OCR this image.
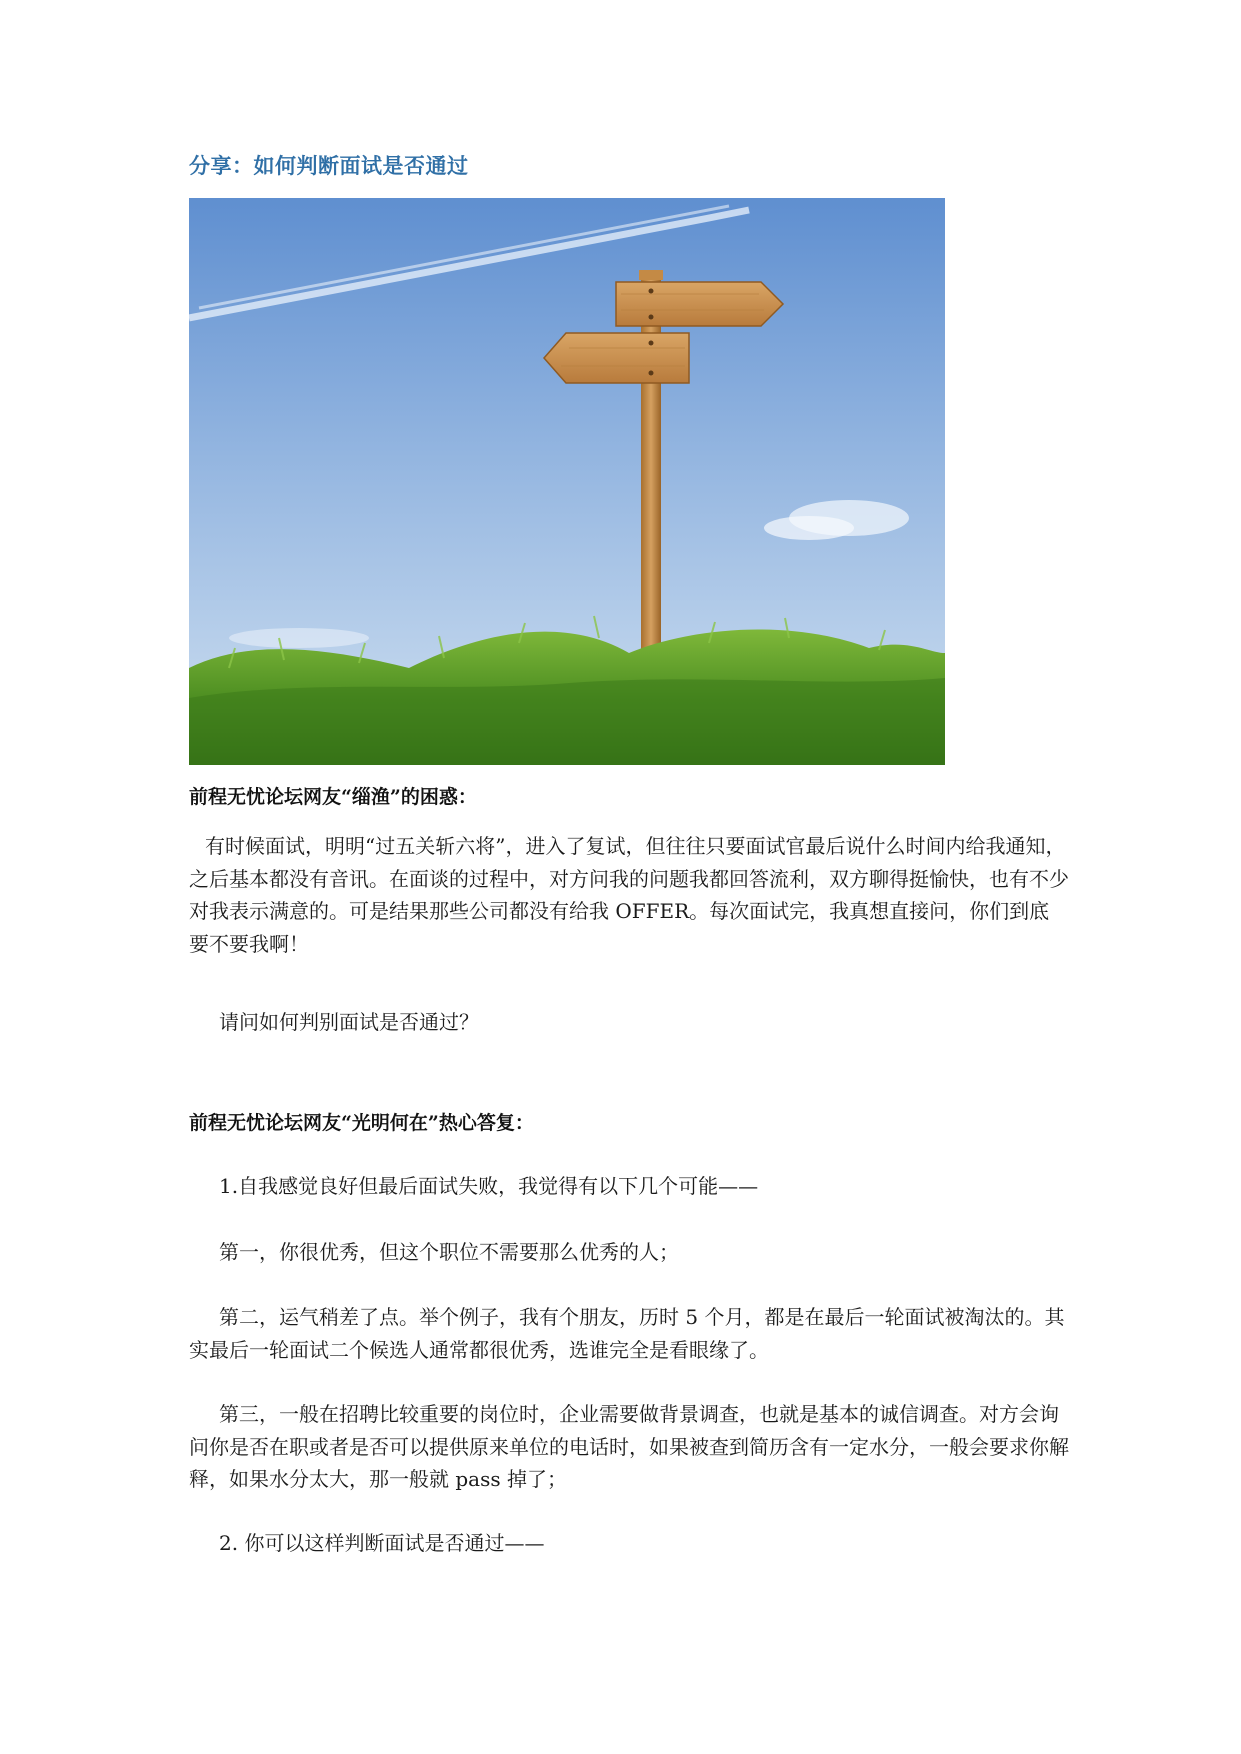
分享：如何判断面试是否通过
前程无忧论坛网友“缁渔”的困惑：
有时候面试，明明“过五关斩六将”，进入了复试，但往往只要面试官最后说什么时间内给我通知，之后基本都没有音讯。在面谈的过程中，对方问我的问题我都回答流利，双方聊得挺愉快，也有不少对我表示满意的。可是结果那些公司都没有给我 OFFER。每次面试完，我真想直接问，你们到底要不要我啊！
请问如何判别面试是否通过？
前程无忧论坛网友“光明何在”热心答复：
1.自我感觉良好但最后面试失败，我觉得有以下几个可能——
第一，你很优秀，但这个职位不需要那么优秀的人；
第二，运气稍差了点。举个例子，我有个朋友，历时 5 个月，都是在最后一轮面试被淘汰的。其实最后一轮面试二个候选人通常都很优秀，选谁完全是看眼缘了。
第三，一般在招聘比较重要的岗位时，企业需要做背景调查，也就是基本的诚信调查。对方会询问你是否在职或者是否可以提供原来单位的电话时，如果被查到简历含有一定水分，一般会要求你解释，如果水分太大，那一般就 pass 掉了；
2. 你可以这样判断面试是否通过——
